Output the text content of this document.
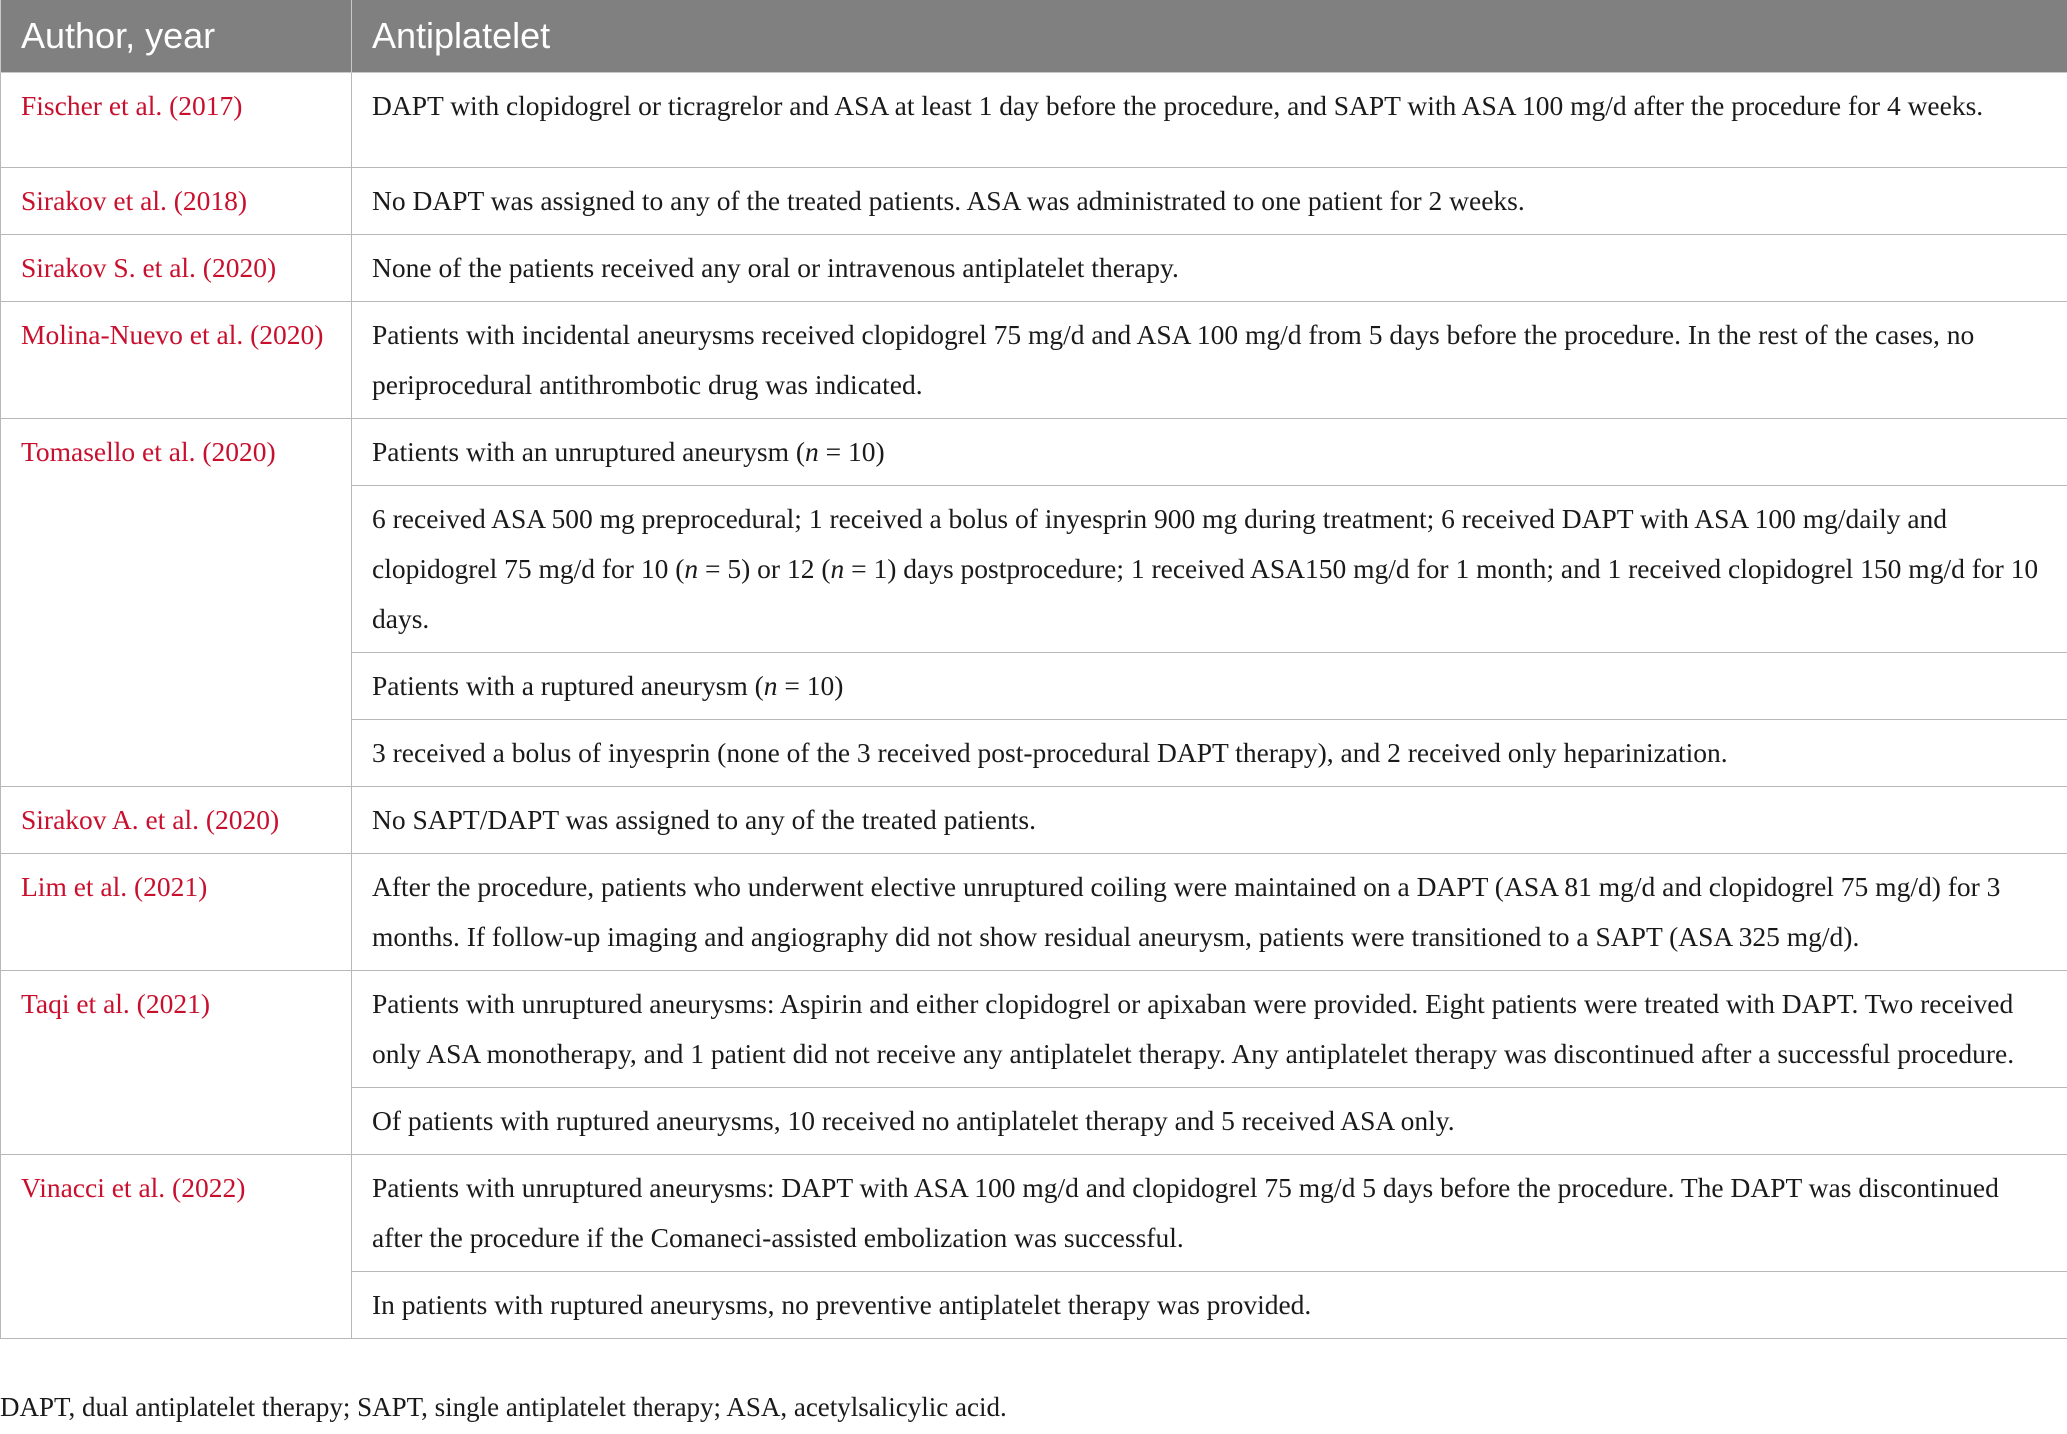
Author, year	Antiplatelet
Fischer et al. (2017)	DAPT with clopidogrel or ticragrelor and ASA at least 1 day before the procedure, and SAPT with ASA 100 mg/d after the procedure for 4 weeks.
Sirakov et al. (2018)	No DAPT was assigned to any of the treated patients. ASA was administrated to one patient for 2 weeks.
Sirakov S. et al. (2020)	None of the patients received any oral or intravenous antiplatelet therapy.
Molina-Nuevo et al. (2020)	Patients with incidental aneurysms received clopidogrel 75 mg/d and ASA 100 mg/d from 5 days before the procedure. In the rest of the cases, no periprocedural antithrombotic drug was indicated.
Tomasello et al. (2020)	Patients with an unruptured aneurysm (n = 10)
	6 received ASA 500 mg preprocedural; 1 received a bolus of inyesprin 900 mg during treatment; 6 received DAPT with ASA 100 mg/daily and clopidogrel 75 mg/d for 10 (n = 5) or 12 (n = 1) days postprocedure; 1 received ASA150 mg/d for 1 month; and 1 received clopidogrel 150 mg/d for 10 days.
	Patients with a ruptured aneurysm (n = 10)
	3 received a bolus of inyesprin (none of the 3 received post-procedural DAPT therapy), and 2 received only heparinization.
Sirakov A. et al. (2020)	No SAPT/DAPT was assigned to any of the treated patients.
Lim et al. (2021)	After the procedure, patients who underwent elective unruptured coiling were maintained on a DAPT (ASA 81 mg/d and clopidogrel 75 mg/d) for 3 months. If follow-up imaging and angiography did not show residual aneurysm, patients were transitioned to a SAPT (ASA 325 mg/d).
Taqi et al. (2021)	Patients with unruptured aneurysms: Aspirin and either clopidogrel or apixaban were provided. Eight patients were treated with DAPT. Two received only ASA monotherapy, and 1 patient did not receive any antiplatelet therapy. Any antiplatelet therapy was discontinued after a successful procedure.
	Of patients with ruptured aneurysms, 10 received no antiplatelet therapy and 5 received ASA only.
Vinacci et al. (2022)	Patients with unruptured aneurysms: DAPT with ASA 100 mg/d and clopidogrel 75 mg/d 5 days before the procedure. The DAPT was discontinued after the procedure if the Comaneci-assisted embolization was successful.
	In patients with ruptured aneurysms, no preventive antiplatelet therapy was provided.
DAPT, dual antiplatelet therapy; SAPT, single antiplatelet therapy; ASA, acetylsalicylic acid.
